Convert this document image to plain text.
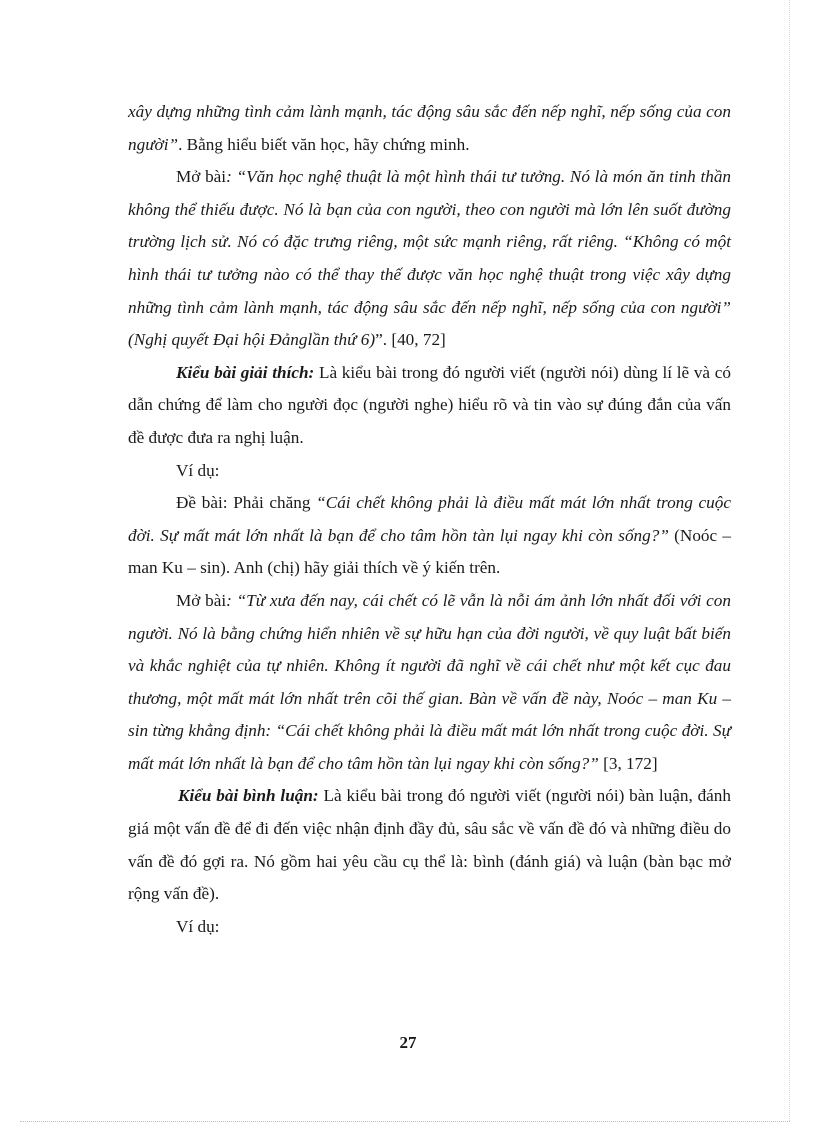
xây dựng những tình cảm lành mạnh, tác động sâu sắc đến nếp nghĩ, nếp sống của con người”. Bằng hiểu biết văn học, hãy chứng minh.

Mở bài: “Văn học nghệ thuật là một hình thái tư tưởng. Nó là món ăn tinh thần không thể thiếu được. Nó là bạn của con người, theo con người mà lớn lên suốt đường trường lịch sử. Nó có đặc trưng riêng, một sức mạnh riêng, rất riêng. “Không có một hình thái tư tưởng nào có thể thay thế được văn học nghệ thuật trong việc xây dựng những tình cảm lành mạnh, tác động sâu sắc đến nếp nghĩ, nếp sống của con người” (Nghị quyết Đại hội Đảnglần thứ 6)”. [40, 72]

Kiểu bài giải thích: Là kiểu bài trong đó người viết (người nói) dùng lí lẽ và có dẫn chứng để làm cho người đọc (người nghe) hiểu rõ và tin vào sự đúng đắn của vấn đề được đưa ra nghị luận.

Ví dụ:

Đề bài: Phải chăng “Cái chết không phải là điều mất mát lớn nhất trong cuộc đời. Sự mất mát lớn nhất là bạn để cho tâm hồn tàn lụi ngay khi còn sống?” (Noóc – man Ku – sin). Anh (chị) hãy giải thích về ý kiến trên.

Mở bài: “Từ xưa đến nay, cái chết có lẽ vẫn là nỗi ám ảnh lớn nhất đối với con người. Nó là bằng chứng hiển nhiên về sự hữu hạn của đời người, về quy luật bất biến và khắc nghiệt của tự nhiên. Không ít người đã nghĩ về cái chết như một kết cục đau thương, một mất mát lớn nhất trên cõi thế gian. Bàn về vấn đề này, Noóc – man Ku – sin từng khẳng định: “Cái chết không phải là điều mất mát lớn nhất trong cuộc đời. Sự mất mát lớn nhất là bạn để cho tâm hồn tàn lụi ngay khi còn sống?” [3, 172]

Kiểu bài bình luận: Là kiểu bài trong đó người viết (người nói) bàn luận, đánh giá một vấn đề để đi đến việc nhận định đầy đủ, sâu sắc về vấn đề đó và những điều do vấn đề đó gợi ra. Nó gồm hai yêu cầu cụ thể là: bình (đánh giá) và luận (bàn bạc mở rộng vấn đề).

Ví dụ:

27
